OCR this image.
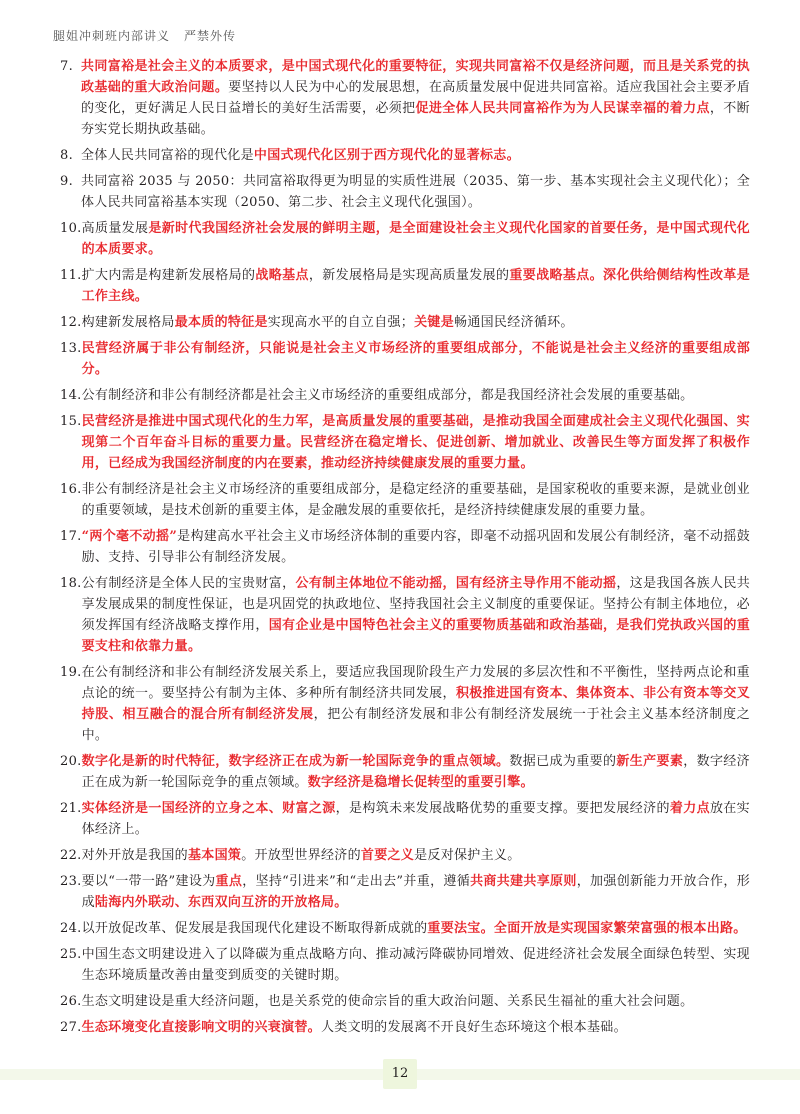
腿姐冲刺班内部讲义 严禁外传
7. 共同富裕是社会主义的本质要求，是中国式现代化的重要特征，实现共同富裕不仅是经济问题，而且是关系党的执政基础的重大政治问题。要坚持以人民为中心的发展思想，在高质量发展中促进共同富裕。适应我国社会主要矛盾的变化，更好满足人民日益增长的美好生活需要，必须把促进全体人民共同富裕作为为人民谋幸福的着力点，不断夯实党长期执政基础。
8. 全体人民共同富裕的现代化是中国式现代化区别于西方现代化的显著标志。
9. 共同富裕 2035 与 2050：共同富裕取得更为明显的实质性进展（2035、第一步、基本实现社会主义现代化）；全体人民共同富裕基本实现（2050、第二步、社会主义现代化强国）。
10. 高质量发展是新时代我国经济社会发展的鲜明主题，是全面建设社会主义现代化国家的首要任务，是中国式现代化的本质要求。
11. 扩大内需是构建新发展格局的战略基点，新发展格局是实现高质量发展的重要战略基点。深化供给侧结构性改革是工作主线。
12. 构建新发展格局最本质的特征是实现高水平的自立自强；关键是畅通国民经济循环。
13. 民营经济属于非公有制经济，只能说是社会主义市场经济的重要组成部分，不能说是社会主义经济的重要组成部分。
14. 公有制经济和非公有制经济都是社会主义市场经济的重要组成部分，都是我国经济社会发展的重要基础。
15. 民营经济是推进中国式现代化的生力军，是高质量发展的重要基础，是推动我国全面建成社会主义现代化强国、实现第二个百年奋斗目标的重要力量。民营经济在稳定增长、促进创新、增加就业、改善民生等方面发挥了积极作用，已经成为我国经济制度的内在要素，推动经济持续健康发展的重要力量。
16. 非公有制经济是社会主义市场经济的重要组成部分，是稳定经济的重要基础，是国家税收的重要来源，是就业创业的重要领域，是技术创新的重要主体，是金融发展的重要依托，是经济持续健康发展的重要力量。
17. “两个毫不动摇”是构建高水平社会主义市场经济体制的重要内容，即毫不动摇巩固和发展公有制经济，毫不动摇鼓励、支持、引导非公有制经济发展。
18. 公有制经济是全体人民的宝贵财富，公有制主体地位不能动摇，国有经济主导作用不能动摇，这是我国各族人民共享发展成果的制度性保证，也是巩固党的执政地位、坚持我国社会主义制度的重要保证。坚持公有制主体地位，必须发挥国有经济战略支撑作用，国有企业是中国特色社会主义的重要物质基础和政治基础，是我们党执政兴国的重要支柱和依靠力量。
19. 在公有制经济和非公有制经济发展关系上，要适应我国现阶段生产力发展的多层次性和不平衡性，坚持两点论和重点论的统一。要坚持公有制为主体、多种所有制经济共同发展，积极推进国有资本、集体资本、非公有资本等交叉持股、相互融合的混合所有制经济发展，把公有制经济发展和非公有制经济发展统一于社会主义基本经济制度之中。
20. 数字化是新的时代特征，数字经济正在成为新一轮国际竞争的重点领域。数据已成为重要的新生产要素，数字经济正在成为新一轮国际竞争的重点领域。数字经济是稳增长促转型的重要引擎。
21. 实体经济是一国经济的立身之本、财富之源，是构筑未来发展战略优势的重要支撑。要把发展经济的着力点放在实体经济上。
22. 对外开放是我国的基本国策。开放型世界经济的首要之义是反对保护主义。
23. 要以“一带一路”建设为重点，坚持“引进来”和“走出去”并重，遵循共商共建共享原则，加强创新能力开放合作，形成陆海内外联动、东西双向互济的开放格局。
24. 以开放促改革、促发展是我国现代化建设不断取得新成就的重要法宝。全面开放是实现国家繁荣富强的根本出路。
25. 中国生态文明建设进入了以降碳为重点战略方向、推动减污降碳协同增效、促进经济社会发展全面绿色转型、实现生态环境质量改善由量变到质变的关键时期。
26. 生态文明建设是重大经济问题，也是关系党的使命宗旨的重大政治问题、关系民生福祉的重大社会问题。
27. 生态环境变化直接影响文明的兴衰演替。人类文明的发展离不开良好生态环境这个根本基础。
12
